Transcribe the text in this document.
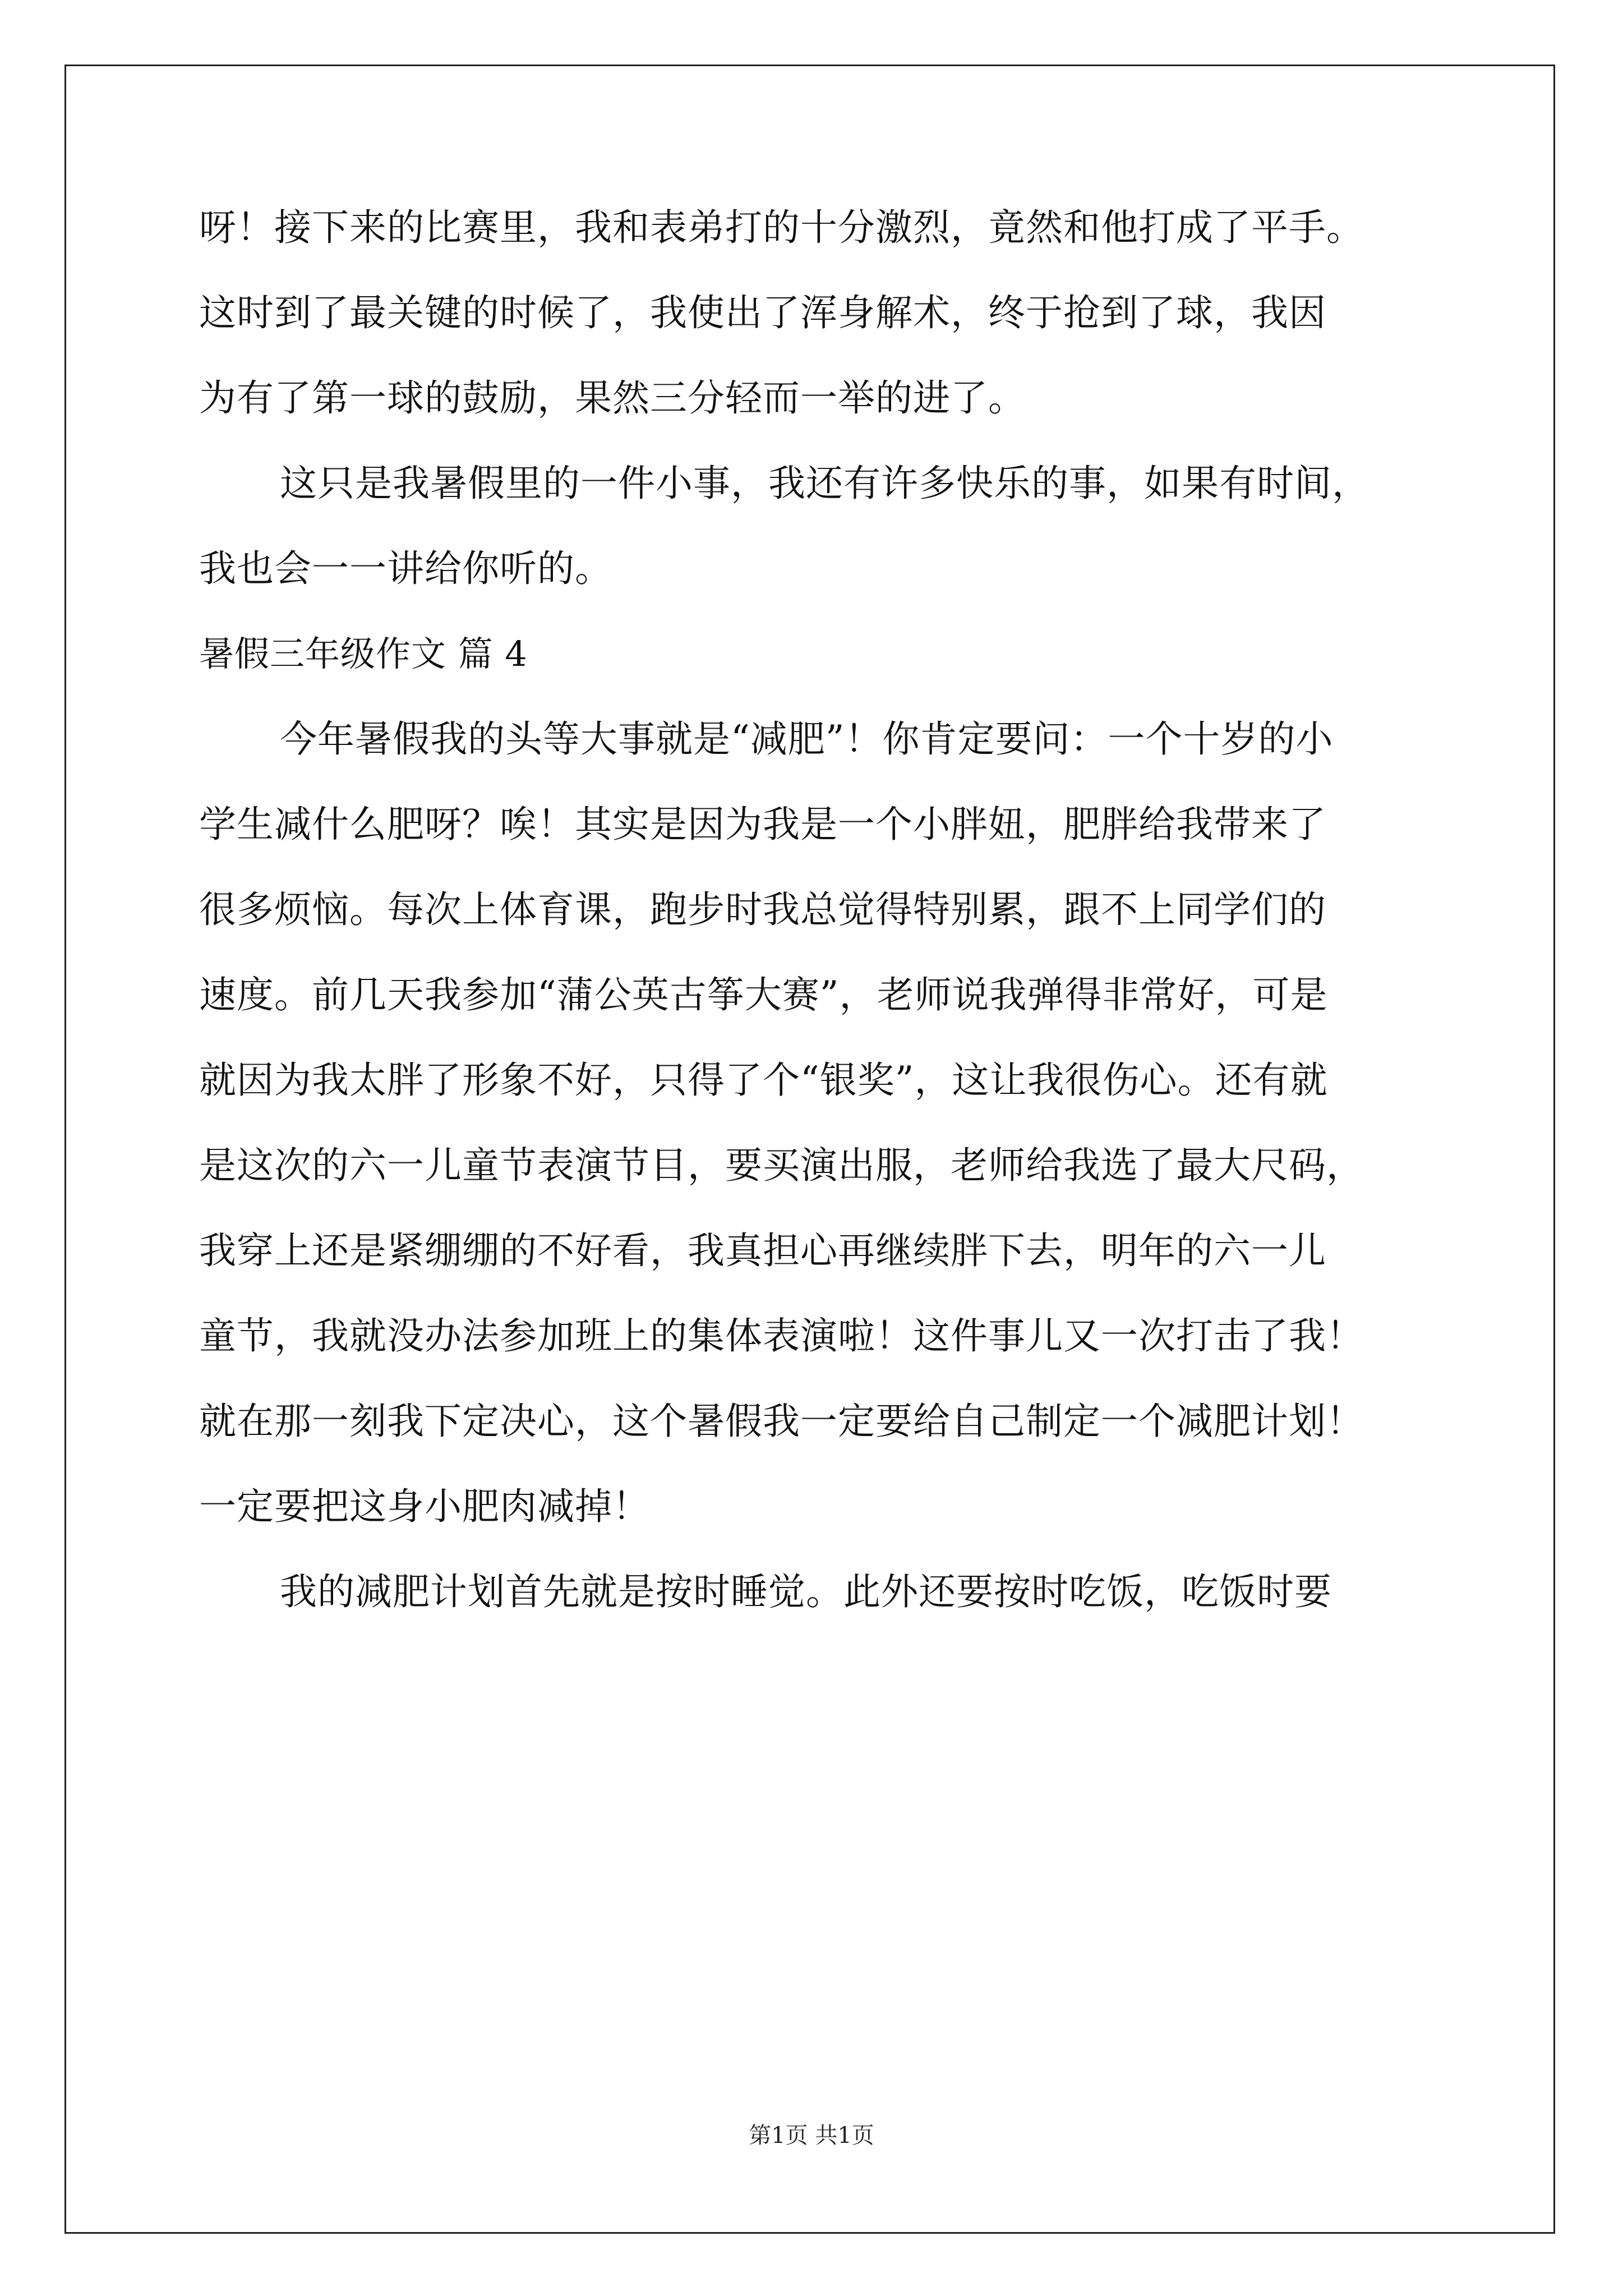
呀！接下来的比赛里，我和表弟打的十分激烈，竟然和他打成了平手。
这时到了最关键的时候了，我使出了浑身解术，终于抢到了球，我因
为有了第一球的鼓励，果然三分轻而一举的进了。
这只是我暑假里的一件小事，我还有许多快乐的事，如果有时间，
我也会一一讲给你听的。
暑假三年级作文 篇 4
今年暑假我的头等大事就是“减肥”！你肯定要问：一个十岁的小
学生减什么肥呀？唉！其实是因为我是一个小胖妞，肥胖给我带来了
很多烦恼。每次上体育课，跑步时我总觉得特别累，跟不上同学们的
速度。前几天我参加“蒲公英古筝大赛”，老师说我弹得非常好，可是
就因为我太胖了形象不好，只得了个“银奖”，这让我很伤心。还有就
是这次的六一儿童节表演节目，要买演出服，老师给我选了最大尺码，
我穿上还是紧绷绷的不好看，我真担心再继续胖下去，明年的六一儿
童节，我就没办法参加班上的集体表演啦！这件事儿又一次打击了我！
就在那一刻我下定决心，这个暑假我一定要给自己制定一个减肥计划！
一定要把这身小肥肉减掉！
我的减肥计划首先就是按时睡觉。此外还要按时吃饭，吃饭时要
第1页 共1页
